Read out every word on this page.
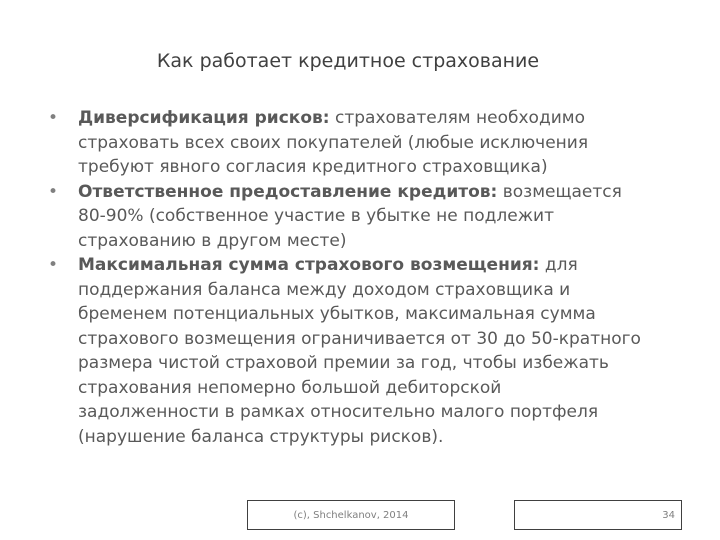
Как работает кредитное страхование
• Диверсификация рисков: страхователям необходимо страховать всех своих покупателей (любые исключения требуют явного согласия кредитного страховщика)
• Ответственное предоставление кредитов: возмещается 80-90% (собственное участие в убытке не подлежит страхованию в другом месте)
• Максимальная сумма страхового возмещения: для поддержания баланса между доходом страховщика и бременем потенциальных убытков, максимальная сумма страхового возмещения ограничивается от 30 до 50-кратного размера чистой страховой премии за год, чтобы избежать страхования непомерно большой дебиторской задолженности в рамках относительно малого портфеля (нарушение баланса структуры рисков).
(c), Shchelkanov, 2014	34
